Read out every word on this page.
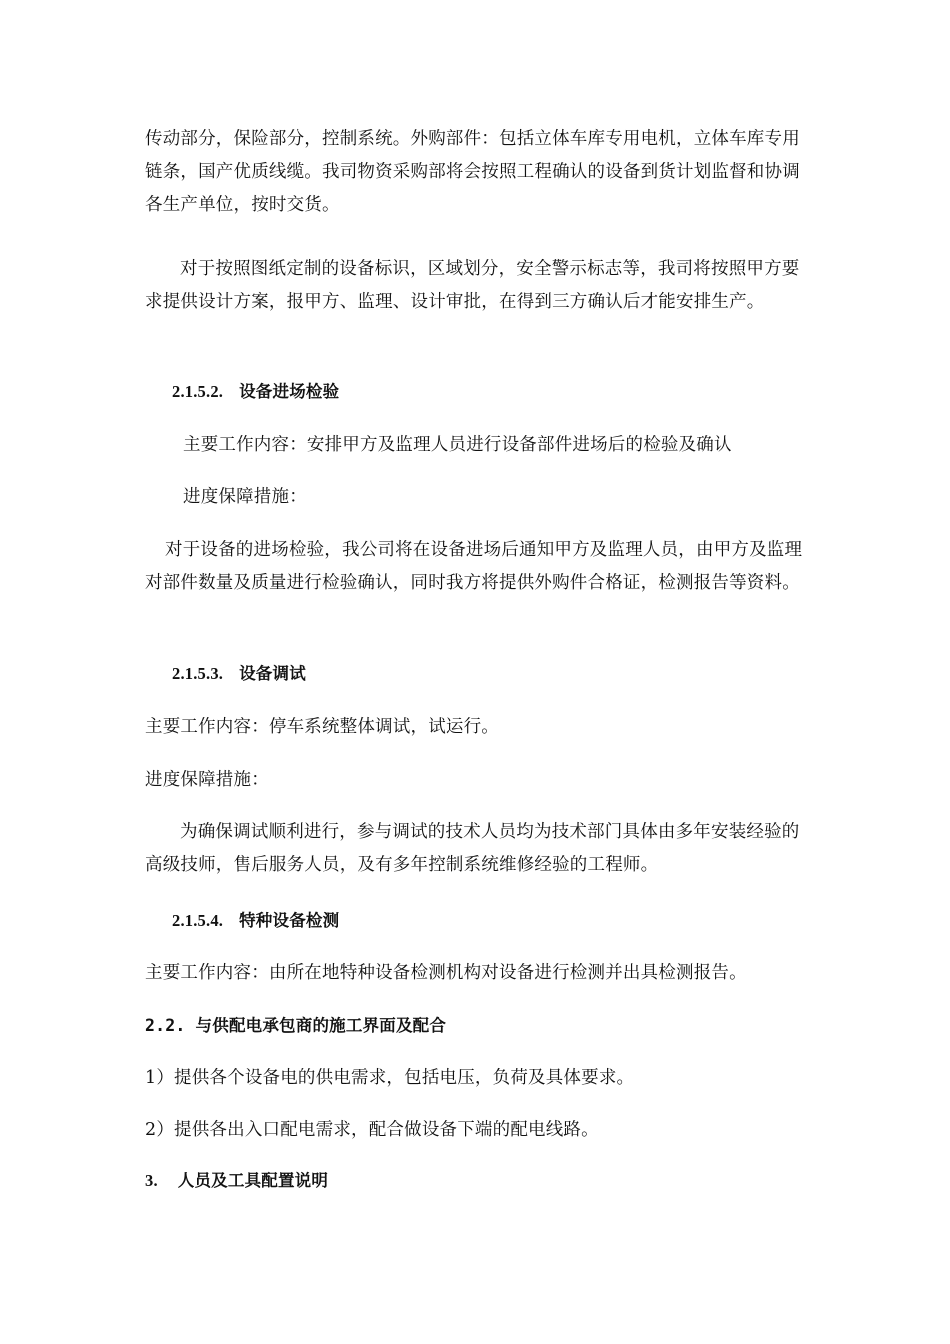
传动部分，保险部分，控制系统。外购部件：包括立体车库专用电机，立体车库专用链条，国产优质线缆。我司物资采购部将会按照工程确认的设备到货计划监督和协调各生产单位，按时交货。

对于按照图纸定制的设备标识，区域划分，安全警示标志等，我司将按照甲方要求提供设计方案，报甲方、监理、设计审批，在得到三方确认后才能安排生产。

2.1.5.2. 设备进场检验

主要工作内容：安排甲方及监理人员进行设备部件进场后的检验及确认

进度保障措施：

对于设备的进场检验，我公司将在设备进场后通知甲方及监理人员，由甲方及监理对部件数量及质量进行检验确认，同时我方将提供外购件合格证，检测报告等资料。

2.1.5.3. 设备调试

主要工作内容：停车系统整体调试，试运行。

进度保障措施：

为确保调试顺利进行，参与调试的技术人员均为技术部门具体由多年安装经验的高级技师，售后服务人员，及有多年控制系统维修经验的工程师。

2.1.5.4. 特种设备检测

主要工作内容：由所在地特种设备检测机构对设备进行检测并出具检测报告。

2.2. 与供配电承包商的施工界面及配合

1）提供各个设备电的供电需求，包括电压，负荷及具体要求。

2）提供各出入口配电需求，配合做设备下端的配电线路。

3. 人员及工具配置说明
